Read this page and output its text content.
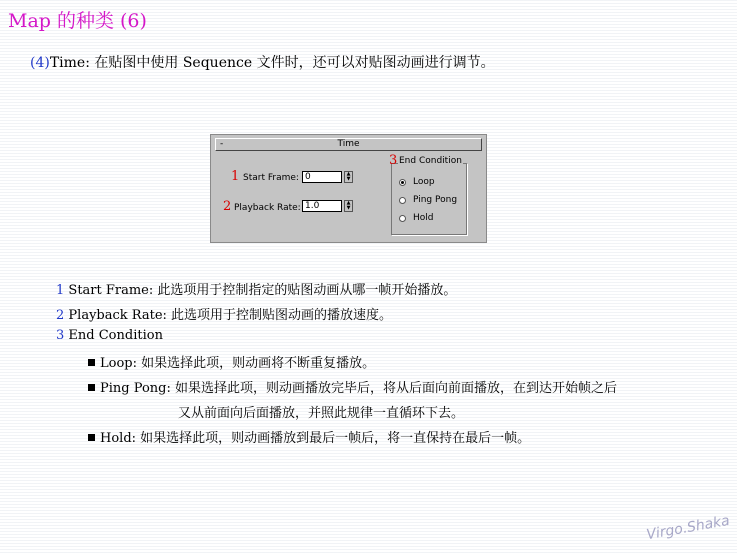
Map 的种类 (6)
(4)Time: 在贴图中使用 Sequence 文件时，还可以对贴图动画进行调节。
-	Time
1 Start Frame: 0	▲
▼
2 Playback Rate: 1.0	▲
▼
3 End Condition
Loop
Ping Pong
Hold
1 Start Frame: 此选项用于控制指定的贴图动画从哪一帧开始播放。
2 Playback Rate: 此选项用于控制贴图动画的播放速度。
3 End Condition
Loop: 如果选择此项，则动画将不断重复播放。
Ping Pong: 如果选择此项，则动画播放完毕后，将从后面向前面播放，在到达开始帧之后
又从前面向后面播放，并照此规律一直循环下去。
Hold: 如果选择此项，则动画播放到最后一帧后，将一直保持在最后一帧。
Virgo.Shaka
